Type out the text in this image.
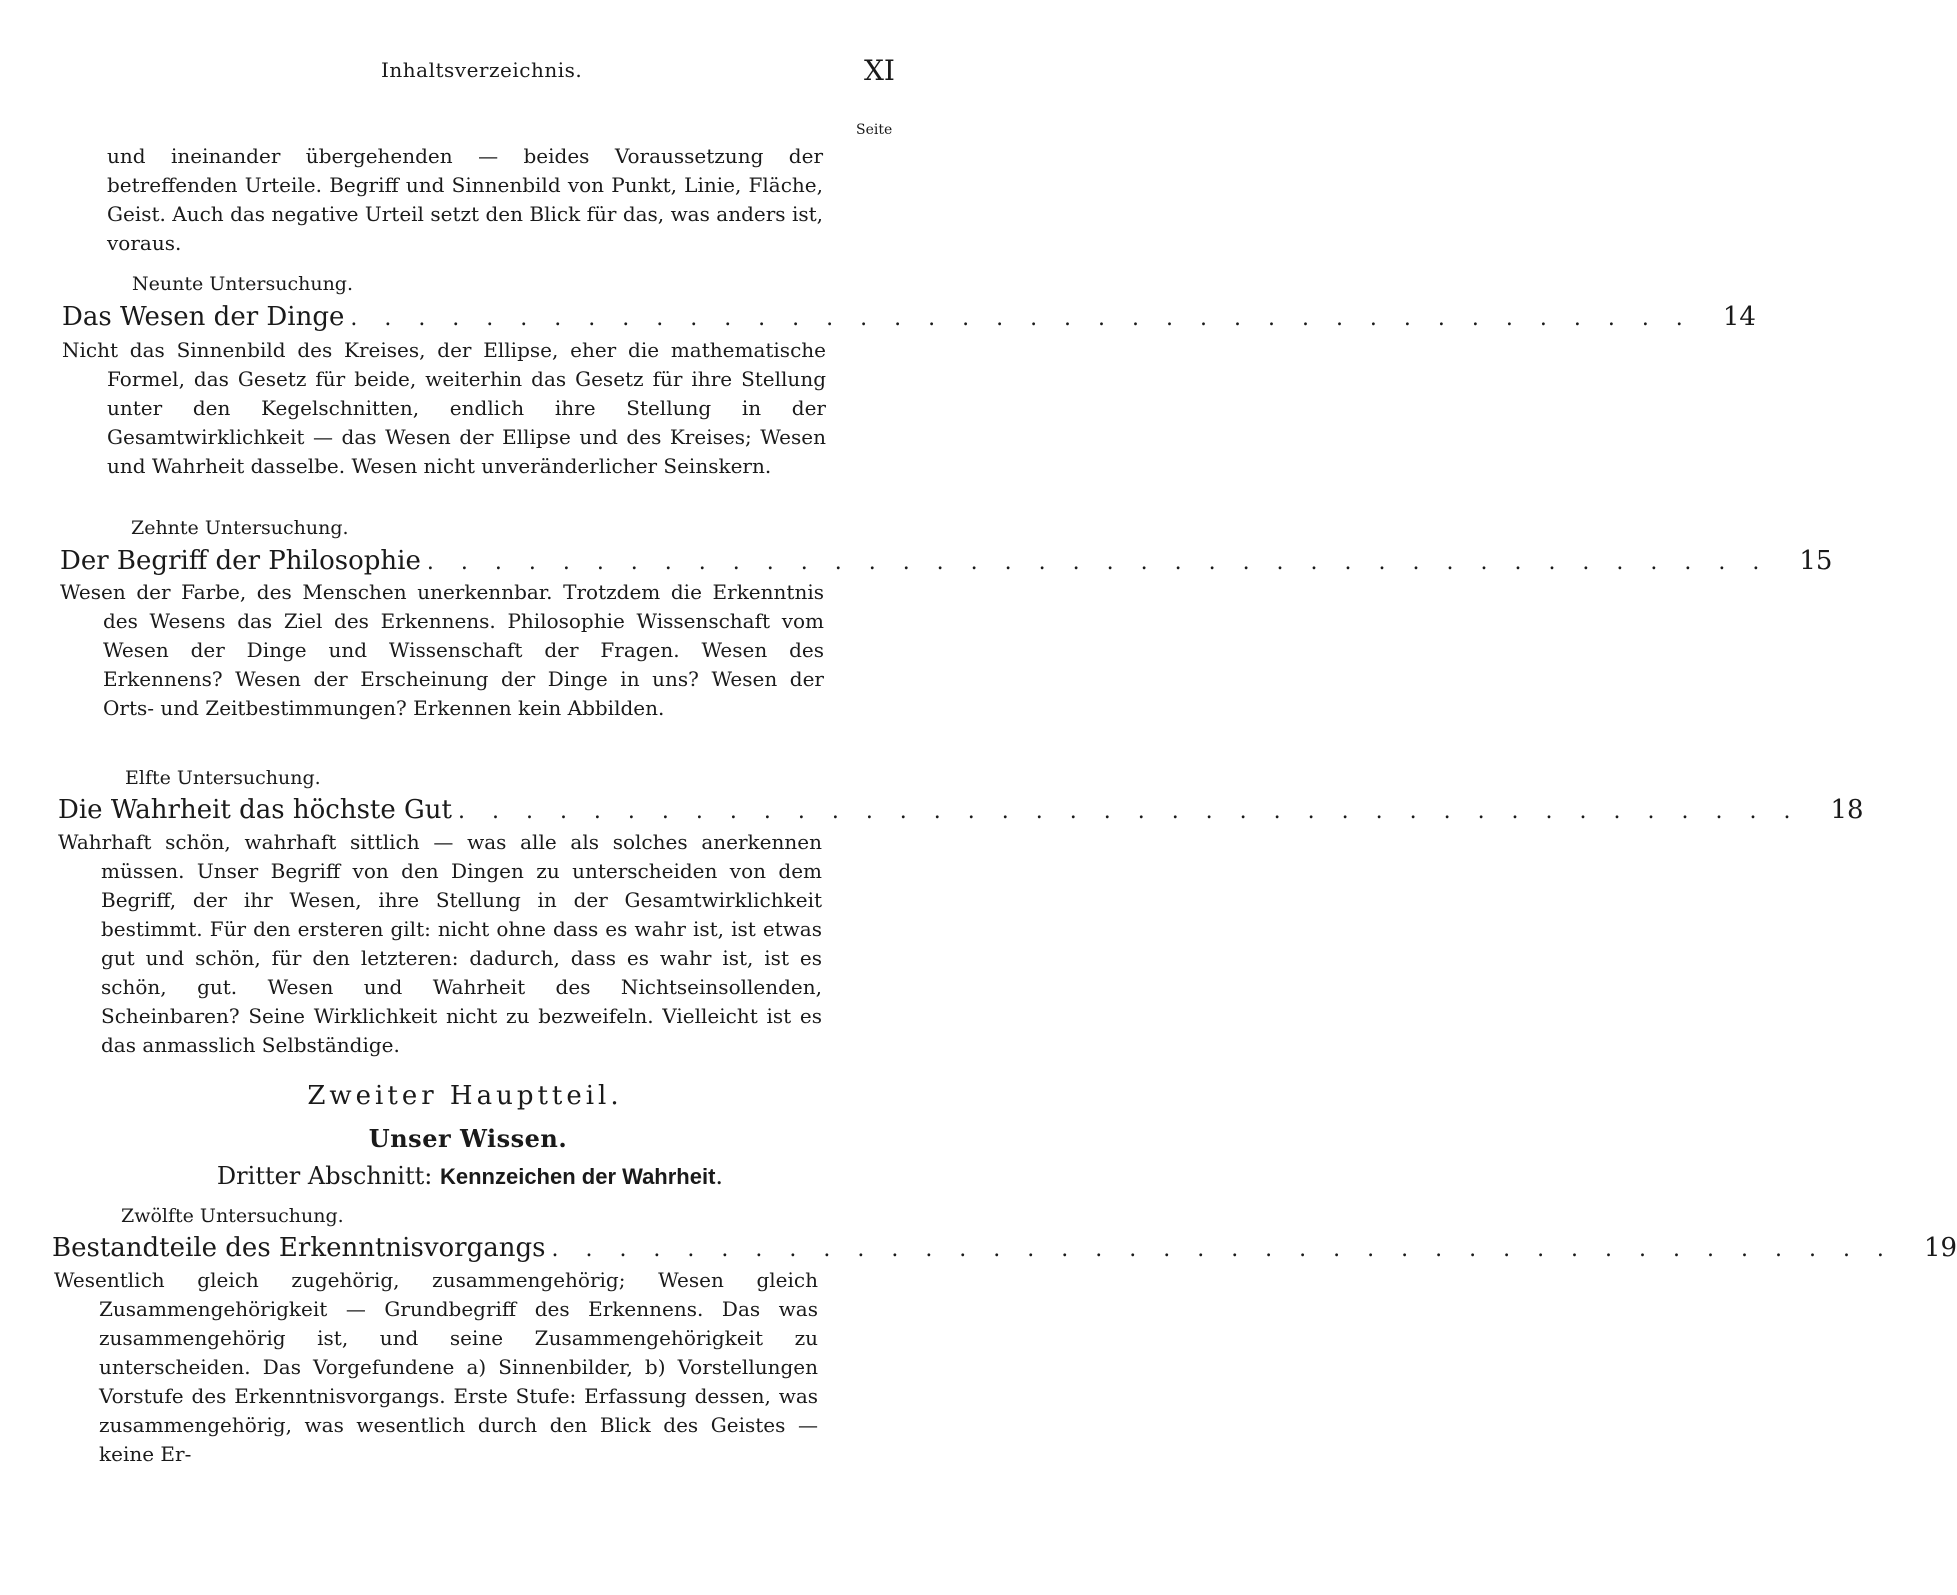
Inhaltsverzeichnis.	XI
Seite

und ineinander übergehenden — beides Voraussetzung der betreffenden Urteile. Begriff und Sinnenbild von Punkt, Linie, Fläche, Geist. Auch das negative Urteil setzt den Blick für das, was anders ist, voraus.

Neunte Untersuchung.
Das Wesen der Dinge . . . . . . . . . . . . . . . . . . . . . . . . . . . . . . . . . . . . . . . . 14

Nicht das Sinnenbild des Kreises, der Ellipse, eher die mathematische Formel, das Gesetz für beide, weiterhin das Gesetz für ihre Stellung unter den Kegelschnitten, endlich ihre Stellung in der Gesamtwirklichkeit — das Wesen der Ellipse und des Kreises; Wesen und Wahrheit dasselbe. Wesen nicht unveränderlicher Seinskern.

Zehnte Untersuchung.
Der Begriff der Philosophie . . . . . . . . . . . . . . . . . . . . . . . . . . . . . . . . . . . . . . . . 15

Wesen der Farbe, des Menschen unerkennbar. Trotzdem die Erkenntnis des Wesens das Ziel des Erkennens. Philosophie Wissenschaft vom Wesen der Dinge und Wissenschaft der Fragen. Wesen des Erkennens? Wesen der Erscheinung der Dinge in uns? Wesen der Orts- und Zeitbestimmungen? Erkennen kein Abbilden.

Elfte Untersuchung.
Die Wahrheit das höchste Gut . . . . . . . . . . . . . . . . . . . . . . . . . . . . . . . . . . . . . . . . 18

Wahrhaft schön, wahrhaft sittlich — was alle als solches anerkennen müssen. Unser Begriff von den Dingen zu unterscheiden von dem Begriff, der ihr Wesen, ihre Stellung in der Gesamtwirklichkeit bestimmt. Für den ersteren gilt: nicht ohne dass es wahr ist, ist etwas gut und schön, für den letzteren: dadurch, dass es wahr ist, ist es schön, gut. Wesen und Wahrheit des Nichtseinsollenden, Scheinbaren? Seine Wirklichkeit nicht zu bezweifeln. Vielleicht ist es das anmasslich Selbständige.

Zweiter Hauptteil.
Unser Wissen.
Dritter Abschnitt: Kennzeichen der Wahrheit.
Zwölfte Untersuchung.
Bestandteile des Erkenntnisvorgangs . . . . . . . . . . . . . . . . . . . . . . . . . . . . . . . . . . . . . . . . 19

Wesentlich gleich zugehörig, zusammengehörig; Wesen gleich Zusammengehörigkeit — Grundbegriff des Erkennens. Das was zusammengehörig ist, und seine Zusammengehörigkeit zu unterscheiden. Das Vorgefundene a) Sinnenbilder, b) Vorstellungen Vorstufe des Erkenntnisvorgangs. Erste Stufe: Erfassung dessen, was zusammengehörig, was wesentlich durch den Blick des Geistes — keine Er-
